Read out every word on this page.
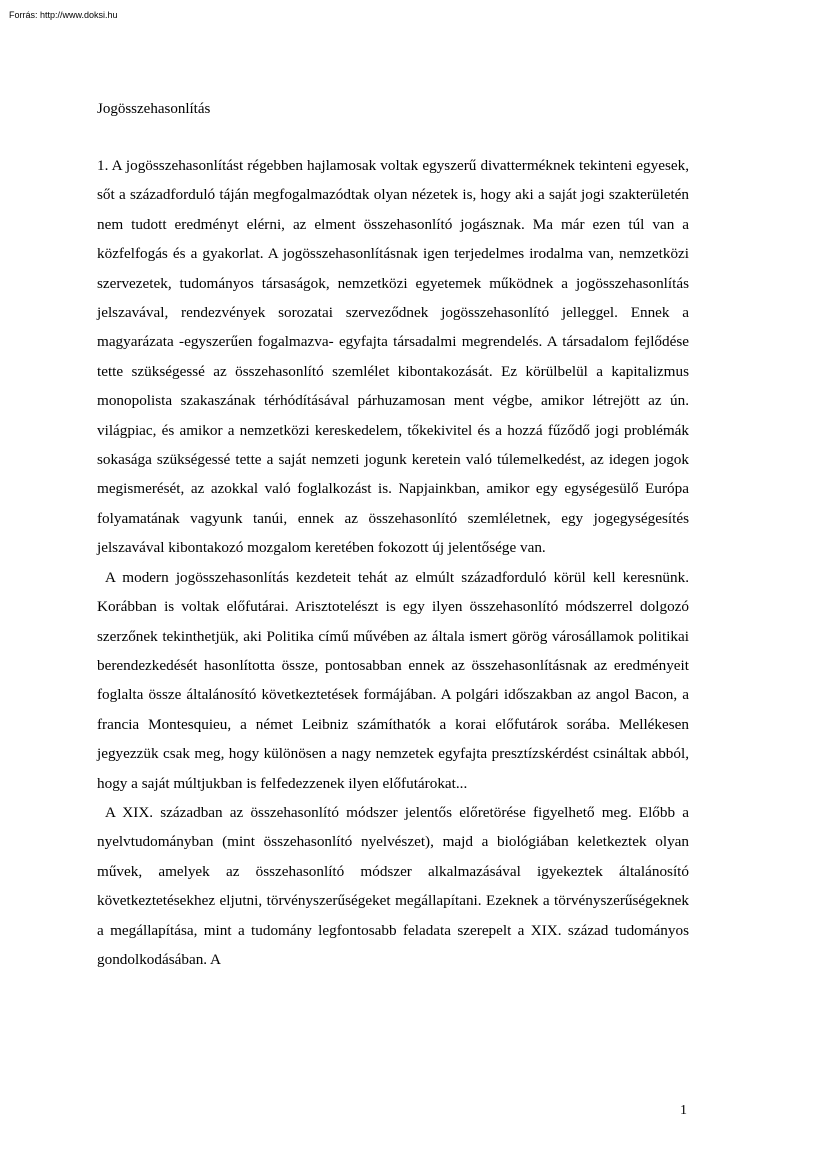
Forrás: http://www.doksi.hu
Jogösszehasonlítás

1. A jogösszehasonlítást régebben hajlamosak voltak egyszerű divatterméknek tekinteni egyesek, sőt a századforduló táján megfogalmazódtak olyan nézetek is, hogy aki a saját jogi szakterületén nem tudott eredményt elérni, az elment összehasonlító jogásznak. Ma már ezen túl van a közfelfogás és a gyakorlat. A jogösszehasonlításnak igen terjedelmes irodalma van, nemzetközi szervezetek, tudományos társaságok, nemzetközi egyetemek működnek a jogösszehasonlítás jelszavával, rendezvények sorozatai szerveződnek jogösszehasonlító jelleggel. Ennek a magyarázata -egyszerűen fogalmazva- egyfajta társadalmi megrendelés. A társadalom fejlődése tette szükségessé az összehasonlító szemlélet kibontakozását. Ez körülbelül a kapitalizmus monopolista szakaszának térhódításával párhuzamosan ment végbe, amikor létrejött az ún. világpiac, és amikor a nemzetközi kereskedelem, tőkekivitel és a hozzá fűződő jogi problémák sokasága szükségessé tette a saját nemzeti jogunk keretein való túlemelkedést, az idegen jogok megismerését, az azokkal való foglalkozást is. Napjainkban, amikor egy egységesülő Európa folyamatának vagyunk tanúi, ennek az összehasonlító szemléletnek, egy jogegységesítés jelszavával kibontakozó mozgalom keretében fokozott új jelentősége van.

A modern jogösszehasonlítás kezdeteit tehát az elmúlt századforduló körül kell keresnünk. Korábban is voltak előfutárai. Arisztotelészt is egy ilyen összehasonlító módszerrel dolgozó szerzőnek tekinthetjük, aki Politika című művében az általa ismert görög városállamok politikai berendezkedését hasonlította össze, pontosabban ennek az összehasonlításnak az eredményeit foglalta össze általánosító következtetések formájában. A polgári időszakban az angol Bacon, a francia Montesquieu, a német Leibniz számíthatók a korai előfutárok sorába. Mellékesen jegyezzük csak meg, hogy különösen a nagy nemzetek egyfajta presztízskérdést csináltak abból, hogy a saját múltjukban is felfedezzenek ilyen előfutárokat...

A XIX. században az összehasonlító módszer jelentős előretörése figyelhető meg. Előbb a nyelvtudományban (mint összehasonlító nyelvészet), majd a biológiában keletkeztek olyan művek, amelyek az összehasonlító módszer alkalmazásával igyekeztek általánosító következtetésekhez eljutni, törvényszerűségeket megállapítani. Ezeknek a törvényszerűségeknek a megállapítása, mint a tudomány legfontosabb feladata szerepelt a XIX. század tudományos gondolkodásában. A

1
